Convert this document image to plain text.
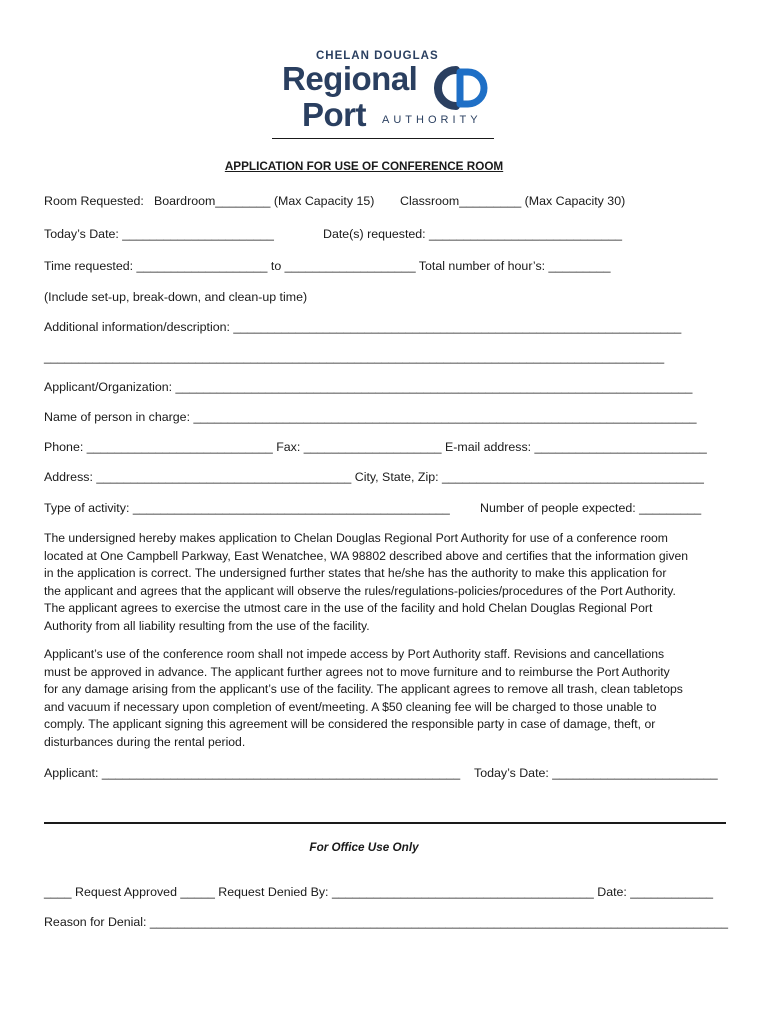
CHELAN DOUGLAS
Regional
Port AUTHORITY
APPLICATION FOR USE OF CONFERENCE ROOM
Room Requested: Boardroom________ (Max Capacity 15) Classroom_________ (Max Capacity 30)
Today’s Date: ______________________	Date(s) requested: ____________________________
Time requested: ___________________ to ___________________ Total number of hour’s: _________
(Include set-up, break-down, and clean-up time)
Additional information/description: _________________________________________________________________
__________________________________________________________________________________________
Applicant/Organization: ___________________________________________________________________________
Name of person in charge: _________________________________________________________________________
Phone: ___________________________ Fax: ____________________ E-mail address: _________________________
Address: _____________________________________ City, State, Zip: ______________________________________
Type of activity: ______________________________________________ Number of people expected: _________
The undersigned hereby makes application to Chelan Douglas Regional Port Authority for use of a conference room
located at One Campbell Parkway, East Wenatchee, WA 98802 described above and certifies that the information given
in the application is correct. The undersigned further states that he/she has the authority to make this application for
the applicant and agrees that the applicant will observe the rules/regulations-policies/procedures of the Port Authority.
The applicant agrees to exercise the utmost care in the use of the facility and hold Chelan Douglas Regional Port
Authority from all liability resulting from the use of the facility.
Applicant’s use of the conference room shall not impede access by Port Authority staff. Revisions and cancellations
must be approved in advance. The applicant further agrees not to move furniture and to reimburse the Port Authority
for any damage arising from the applicant’s use of the facility. The applicant agrees to remove all trash, clean tabletops
and vacuum if necessary upon completion of event/meeting. A $50 cleaning fee will be charged to those unable to
comply. The applicant signing this agreement will be considered the responsible party in case of damage, theft, or
disturbances during the rental period.
Applicant: ____________________________________________________ Today’s Date: ________________________
For Office Use Only
____ Request Approved _____ Request Denied By: ______________________________________ Date: ____________
Reason for Denial: ____________________________________________________________________________________
